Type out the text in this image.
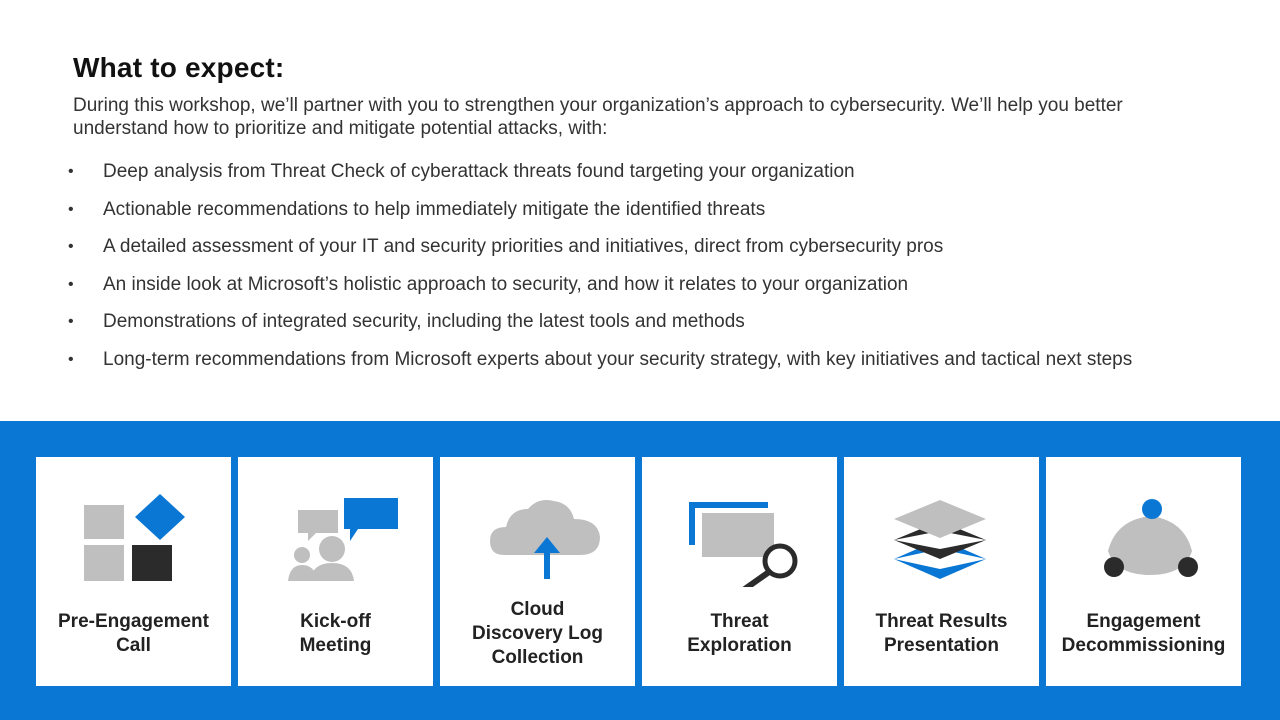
What to expect:
During this workshop, we’ll partner with you to strengthen your organization’s approach to cybersecurity. We’ll help you better understand how to prioritize and mitigate potential attacks, with:
• Deep analysis from Threat Check of cyberattack threats found targeting your organization
• Actionable recommendations to help immediately mitigate the identified threats
• A detailed assessment of your IT and security priorities and initiatives, direct from cybersecurity pros
• An inside look at Microsoft’s holistic approach to security, and how it relates to your organization
• Demonstrations of integrated security, including the latest tools and methods
• Long-term recommendations from Microsoft experts about your security strategy, with key initiatives and tactical next steps
Pre-Engagement
Call
Kick-off
Meeting
Cloud
Discovery Log
Collection
Threat
Exploration
Threat Results
Presentation
Engagement
Decommissioning
